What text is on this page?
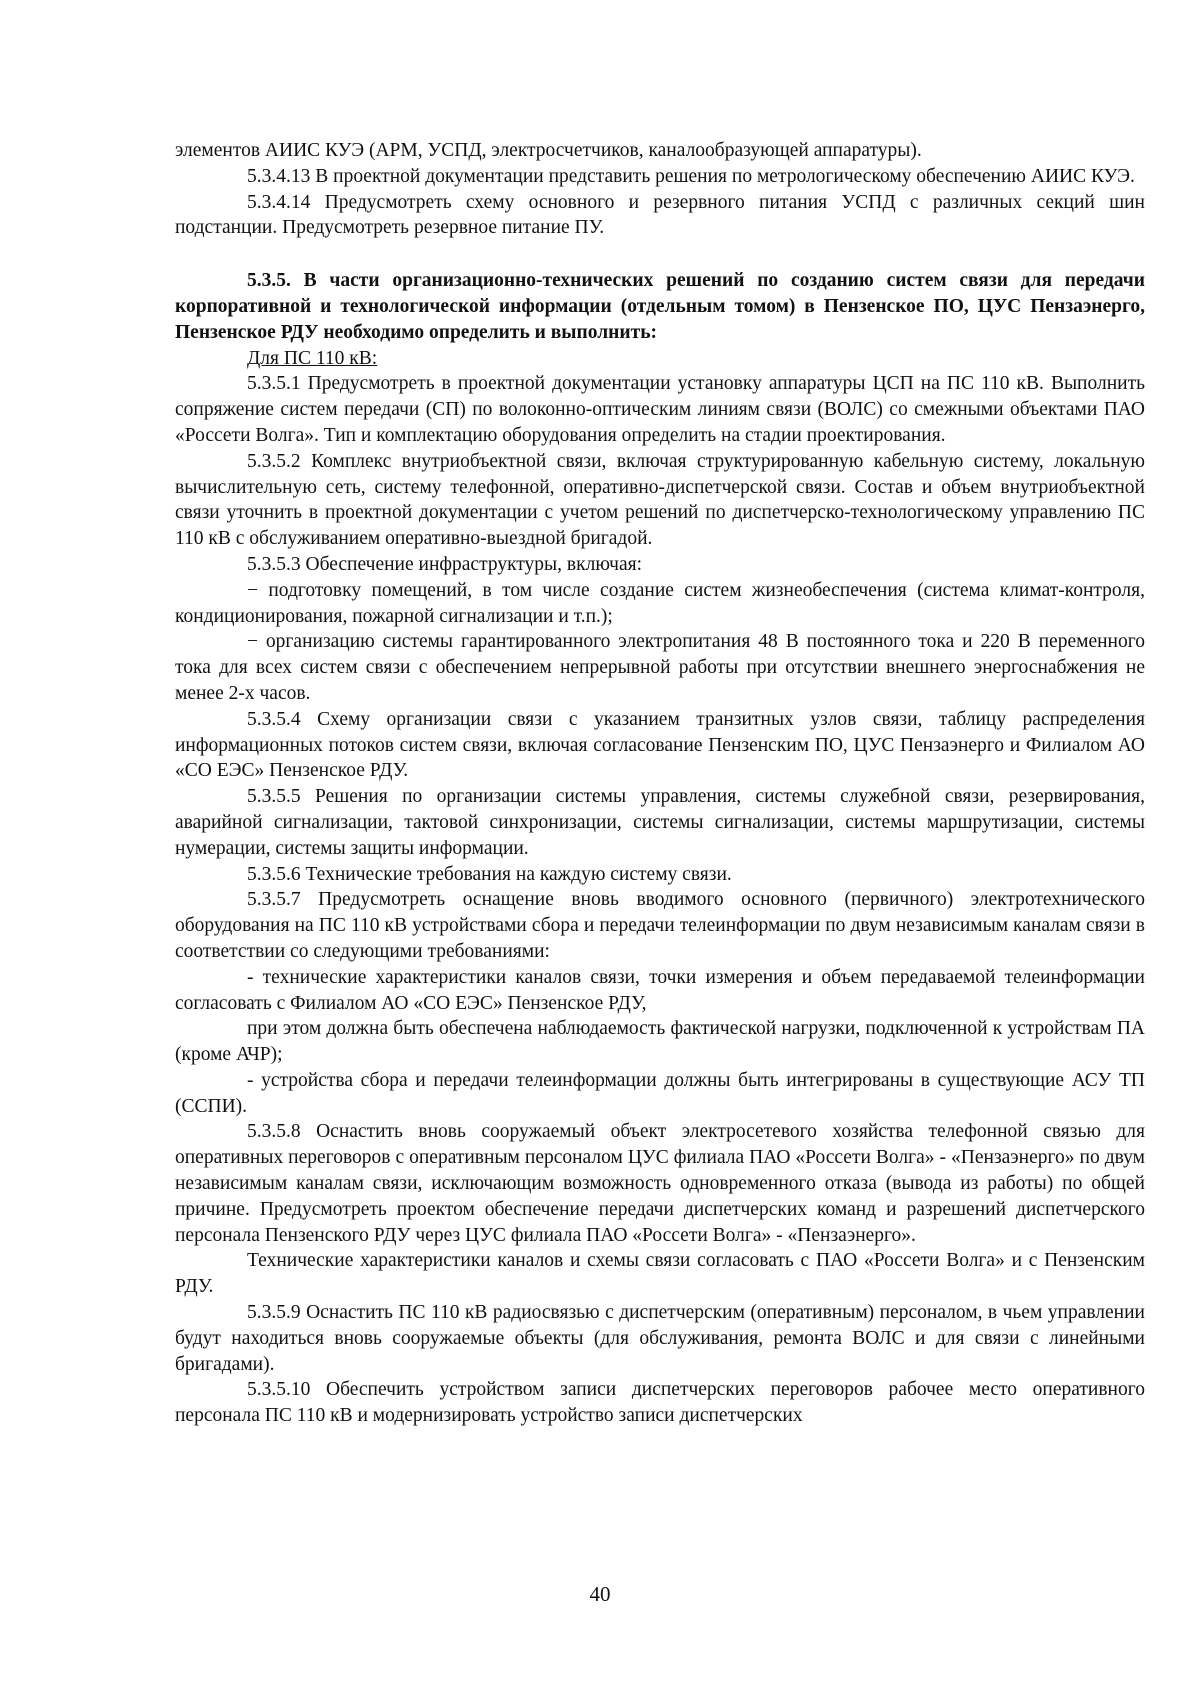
элементов АИИС КУЭ (АРМ, УСПД, электросчетчиков, каналообразующей аппаратуры).

5.3.4.13 В проектной документации представить решения по метрологическому обеспечению АИИС КУЭ.

5.3.4.14 Предусмотреть схему основного и резервного питания УСПД с различных секций шин подстанции. Предусмотреть резервное питание ПУ.

5.3.5. В части организационно-технических решений по созданию систем связи для передачи корпоративной и технологической информации (отдельным томом) в Пензенское ПО, ЦУС Пензаэнерго, Пензенское РДУ необходимо определить и выполнить:

Для ПС 110 кВ:

5.3.5.1 Предусмотреть в проектной документации установку аппаратуры ЦСП на ПС 110 кВ. Выполнить сопряжение систем передачи (СП) по волоконно-оптическим линиям связи (ВОЛС) со смежными объектами ПАО «Россети Волга». Тип и комплектацию оборудования определить на стадии проектирования.

5.3.5.2 Комплекс внутриобъектной связи, включая структурированную кабельную систему, локальную вычислительную сеть, систему телефонной, оперативно-диспетчерской связи. Состав и объем внутриобъектной связи уточнить в проектной документации с учетом решений по диспетчерско-технологическому управлению ПС 110 кВ с обслуживанием оперативно-выездной бригадой.

5.3.5.3 Обеспечение инфраструктуры, включая:

− подготовку помещений, в том числе создание систем жизнеобеспечения (система климат-контроля, кондиционирования, пожарной сигнализации и т.п.);

− организацию системы гарантированного электропитания 48 В постоянного тока и 220 В переменного тока для всех систем связи с обеспечением непрерывной работы при отсутствии внешнего энергоснабжения не менее 2-х часов.

5.3.5.4 Схему организации связи с указанием транзитных узлов связи, таблицу распределения информационных потоков систем связи, включая согласование Пензенским ПО, ЦУС Пензаэнерго и Филиалом АО «СО ЕЭС» Пензенское РДУ.

5.3.5.5 Решения по организации системы управления, системы служебной связи, резервирования, аварийной сигнализации, тактовой синхронизации, системы сигнализации, системы маршрутизации, системы нумерации, системы защиты информации.

5.3.5.6 Технические требования на каждую систему связи.

5.3.5.7 Предусмотреть оснащение вновь вводимого основного (первичного) электротехнического оборудования на ПС 110 кВ устройствами сбора и передачи телеинформации по двум независимым каналам связи в соответствии со следующими требованиями:

- технические характеристики каналов связи, точки измерения и объем передаваемой телеинформации согласовать с Филиалом АО «СО ЕЭС» Пензенское РДУ,

при этом должна быть обеспечена наблюдаемость фактической нагрузки, подключенной к устройствам ПА (кроме АЧР);

- устройства сбора и передачи телеинформации должны быть интегрированы в существующие АСУ ТП (ССПИ).

5.3.5.8 Оснастить вновь сооружаемый объект электросетевого хозяйства телефонной связью для оперативных переговоров с оперативным персоналом ЦУС филиала ПАО «Россети Волга» - «Пензаэнерго» по двум независимым каналам связи, исключающим возможность одновременного отказа (вывода из работы) по общей причине. Предусмотреть проектом обеспечение передачи диспетчерских команд и разрешений диспетчерского персонала Пензенского РДУ через ЦУС филиала ПАО «Россети Волга» - «Пензаэнерго».

Технические характеристики каналов и схемы связи согласовать с ПАО «Россети Волга» и с Пензенским РДУ.

5.3.5.9 Оснастить ПС 110 кВ радиосвязью с диспетчерским (оперативным) персоналом, в чьем управлении будут находиться вновь сооружаемые объекты (для обслуживания, ремонта ВОЛС и для связи с линейными бригадами).

5.3.5.10 Обеспечить устройством записи диспетчерских переговоров рабочее место оперативного персонала ПС 110 кВ и модернизировать устройство записи диспетчерских

40
